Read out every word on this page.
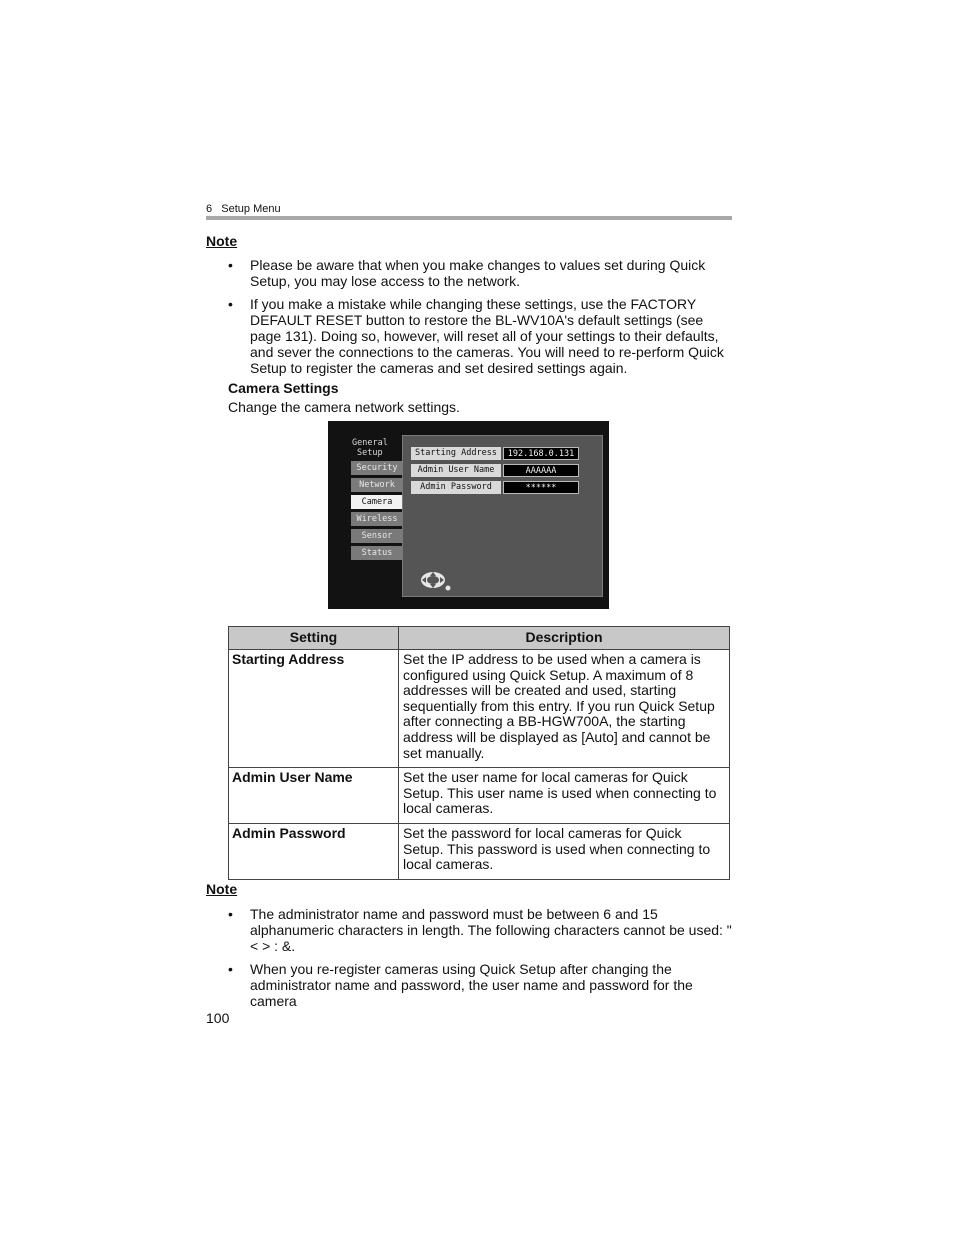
6   Setup Menu
Note
• Please be aware that when you make changes to values set during Quick Setup, you may lose access to the network.
• If you make a mistake while changing these settings, use the FACTORY DEFAULT RESET button to restore the BL-WV10A's default settings (see page 131). Doing so, however, will reset all of your settings to their defaults, and sever the connections to the cameras. You will need to re-perform Quick Setup to register the cameras and set desired settings again.
Camera Settings
Change the camera network settings.
General
Setup
Security
Network
Camera
Wireless
Sensor
Status
Starting Address	192.168.0.131
Admin User Name	AAAAAA
Admin Password	******
Setting	Description
Starting Address	Set the IP address to be used when a camera is configured using Quick Setup. A maximum of 8 addresses will be created and used, starting sequentially from this entry. If you run Quick Setup after connecting a BB-HGW700A, the starting address will be displayed as [Auto] and cannot be set manually.
Admin User Name	Set the user name for local cameras for Quick Setup. This user name is used when connecting to local cameras.
Admin Password	Set the password for local cameras for Quick Setup. This password is used when connecting to local cameras.
Note
• The administrator name and password must be between 6 and 15 alphanumeric characters in length. The following characters cannot be used: " < > : &.
• When you re-register cameras using Quick Setup after changing the administrator name and password, the user name and password for the camera
100
